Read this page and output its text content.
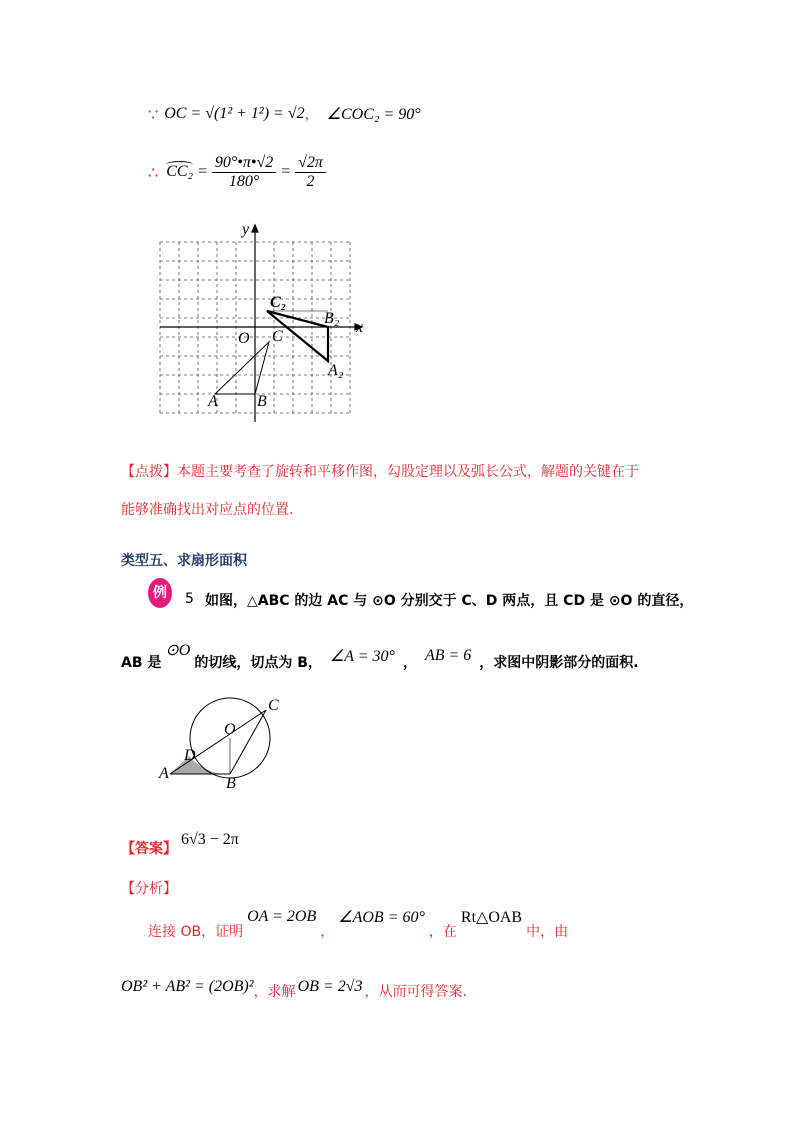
∵ OC = √(1² + 1²) = √2 ， ∠COC₂ = 90°
∴ $CC_2 = \frac{90^\circ•\pi•√2}{180^\circ} = \frac{√2\pi}{2}$
y
x
O
C₂
B₂
A₂
C
A B
【点拨】本题主要考查了旋转和平移作图，勾股定理以及弧长公式，解题的关键在于
能够准确找出对应点的位置.
类型五、求扇形面积
例	5 如图，△ABC 的边 AC 与 ⊙O 分别交于 C、D 两点，且 CD 是 ⊙O 的直径，
AB 是
⊙O
的切线，切点为 B， ∠A = 30° ， AB = 6 ，求图中阴影部分的面积.
C
O
D
A
B
【答案】
6√3 − 2π
【分析】
连接 OB，证明
OA = 2OB
，
∠AOB = 60°
，在
Rt△OAB
中，由
OB² + AB² = (2OB)² ，求解 OB = 2√3 ，从而可得答案.
